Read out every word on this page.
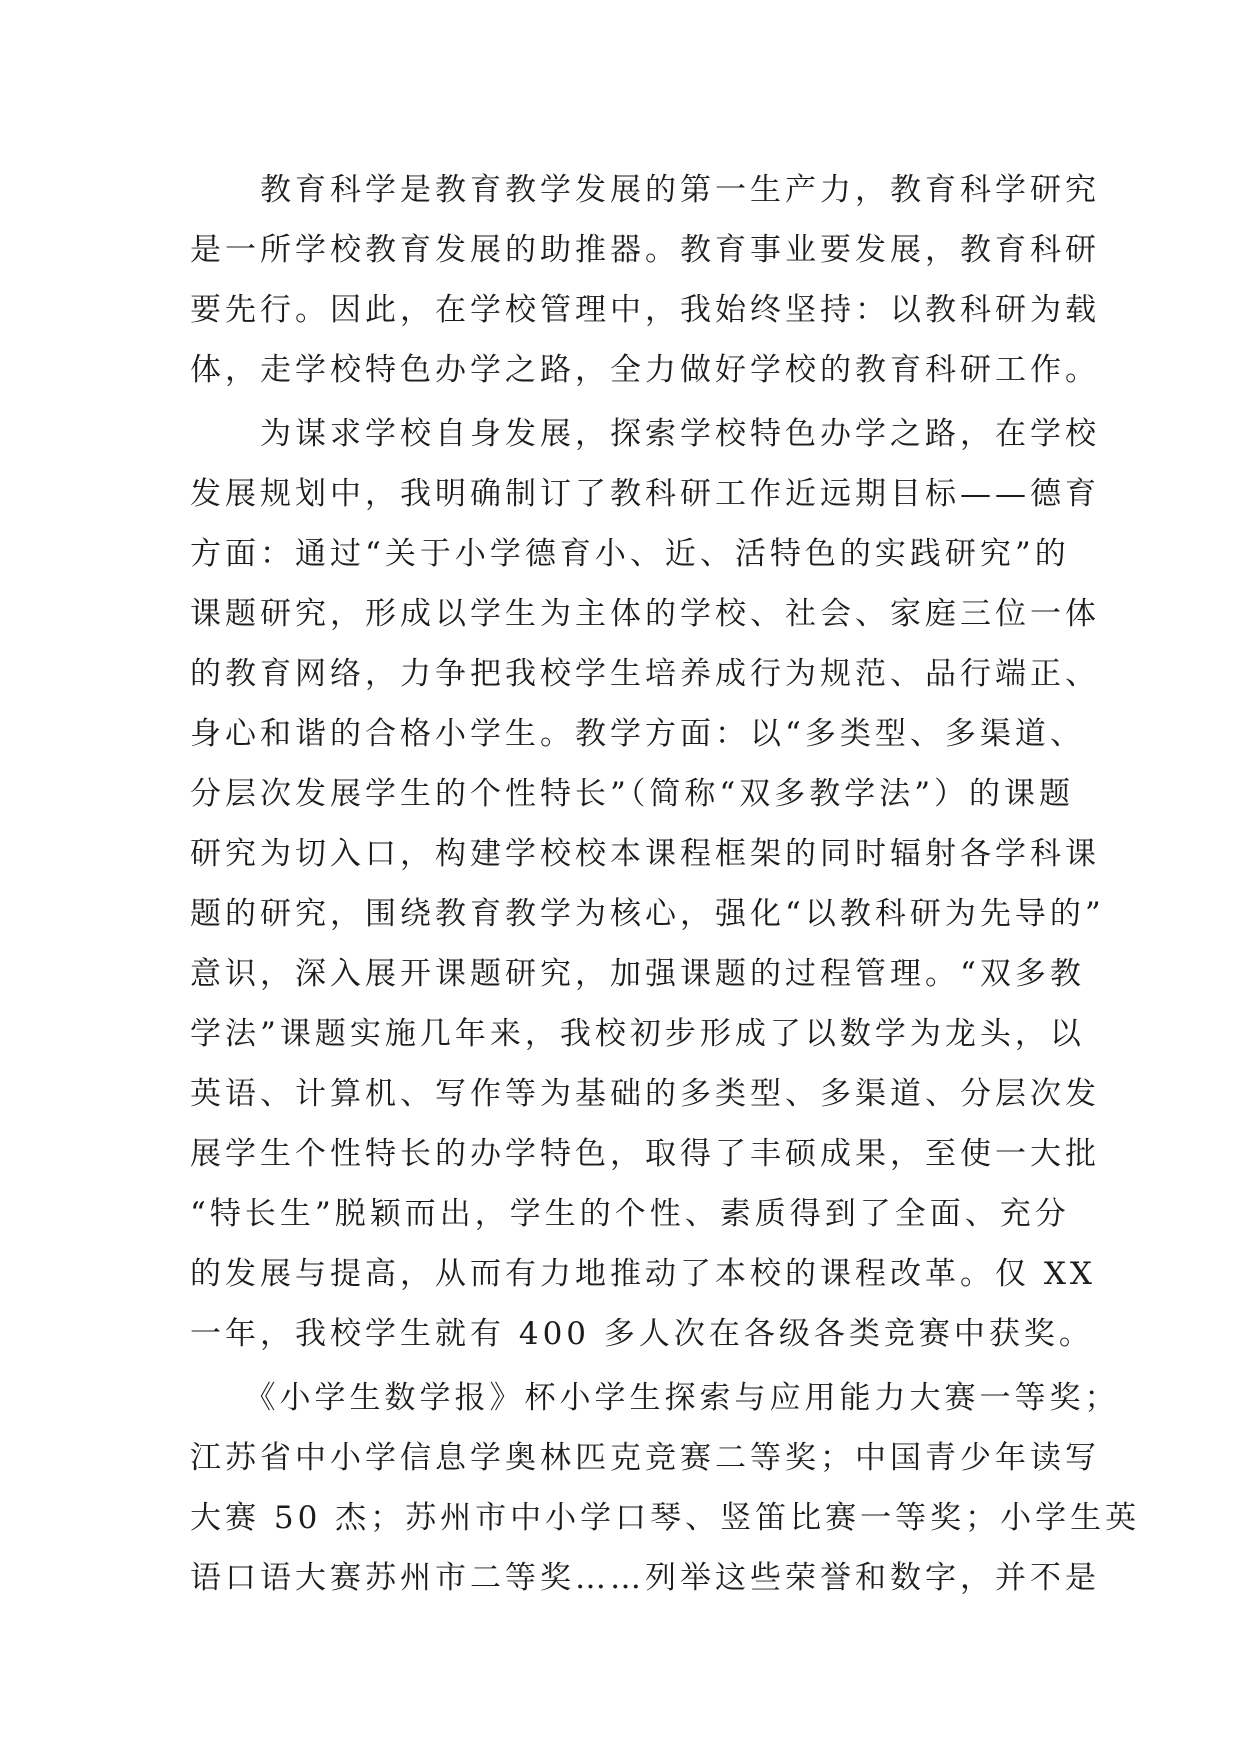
　　教育科学是教育教学发展的第一生产力，教育科学研究
是一所学校教育发展的助推器。教育事业要发展，教育科研
要先行。因此，在学校管理中，我始终坚持：以教科研为载
体，走学校特色办学之路，全力做好学校的教育科研工作。
　　为谋求学校自身发展，探索学校特色办学之路，在学校
发展规划中，我明确制订了教科研工作近远期目标——德育
方面：通过“关于小学德育小、近、活特色的实践研究”的
课题研究，形成以学生为主体的学校、社会、家庭三位一体
的教育网络，力争把我校学生培养成行为规范、品行端正、
身心和谐的合格小学生。教学方面：以“多类型、多渠道、
分层次发展学生的个性特长”（简称“双多教学法”）的课题
研究为切入口，构建学校校本课程框架的同时辐射各学科课
题的研究，围绕教育教学为核心，强化“以教科研为先导的”
意识，深入展开课题研究，加强课题的过程管理。“双多教
学法”课题实施几年来，我校初步形成了以数学为龙头，以
英语、计算机、写作等为基础的多类型、多渠道、分层次发
展学生个性特长的办学特色，取得了丰硕成果，至使一大批
“特长生”脱颖而出，学生的个性、素质得到了全面、充分
的发展与提高，从而有力地推动了本校的课程改革。仅 XX
一年，我校学生就有 400 多人次在各级各类竞赛中获奖。
　　《小学生数学报》杯小学生探索与应用能力大赛一等奖；
江苏省中小学信息学奥林匹克竞赛二等奖；中国青少年读写
大赛 50 杰；苏州市中小学口琴、竖笛比赛一等奖；小学生英
语口语大赛苏州市二等奖……列举这些荣誉和数字，并不是
